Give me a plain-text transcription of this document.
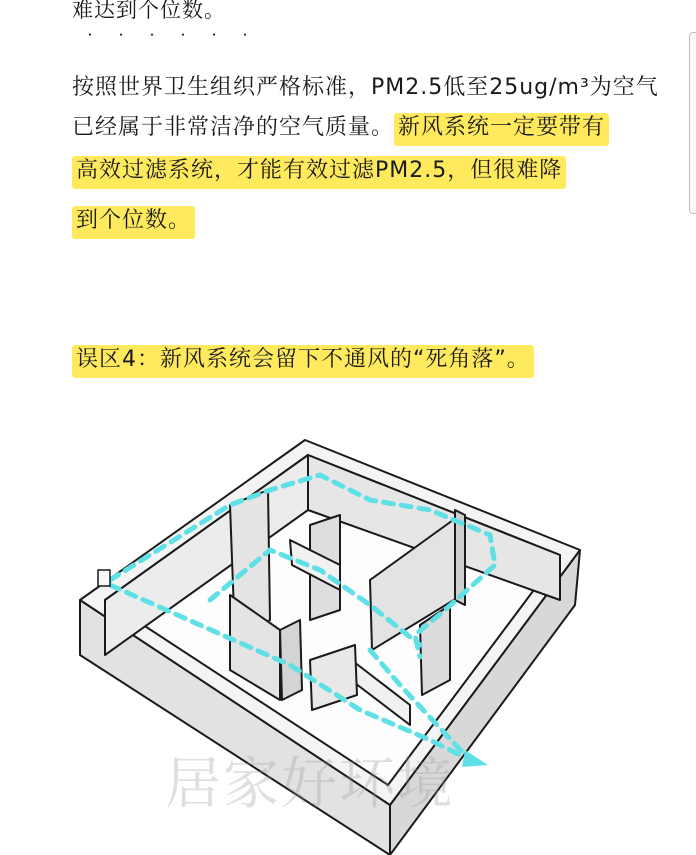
难达到个位数。
・・・・・・
按照世界卫生组织严格标准，PM2.5低至25ug/m³为空气
已经属于非常洁净的空气质量。 新风系统一定要带有
高效过滤系统，才能有效过滤PM2.5，但很难降
到个位数。
误区4：新风系统会留下不通风的“死角落”。
居家好环境
